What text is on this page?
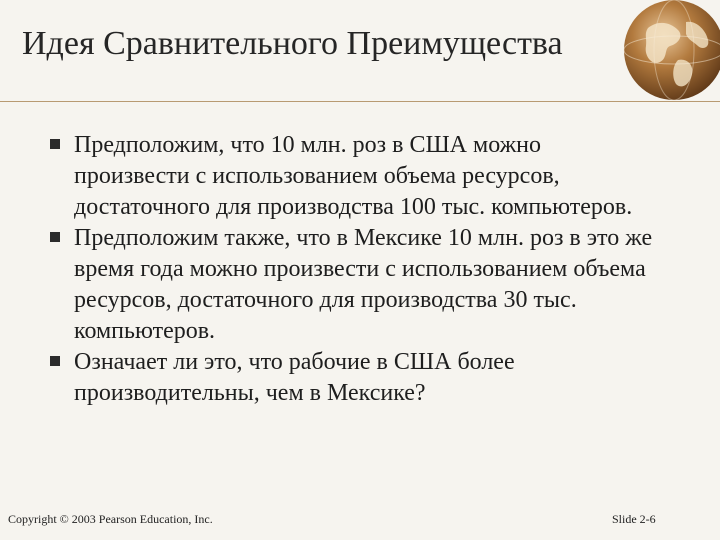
Идея Сравнительного Преимущества
Предположим, что 10 млн. роз в США можно произвести с использованием объема ресурсов, достаточного для производства 100 тыс. компьютеров.
Предположим также, что в Мексике 10 млн. роз в это же время года можно произвести с использованием объема ресурсов, достаточного для производства 30 тыс. компьютеров.
Означает ли это, что рабочие в США более производительны, чем в Мексике?
Copyright © 2003 Pearson Education, Inc.	Slide 2-6
